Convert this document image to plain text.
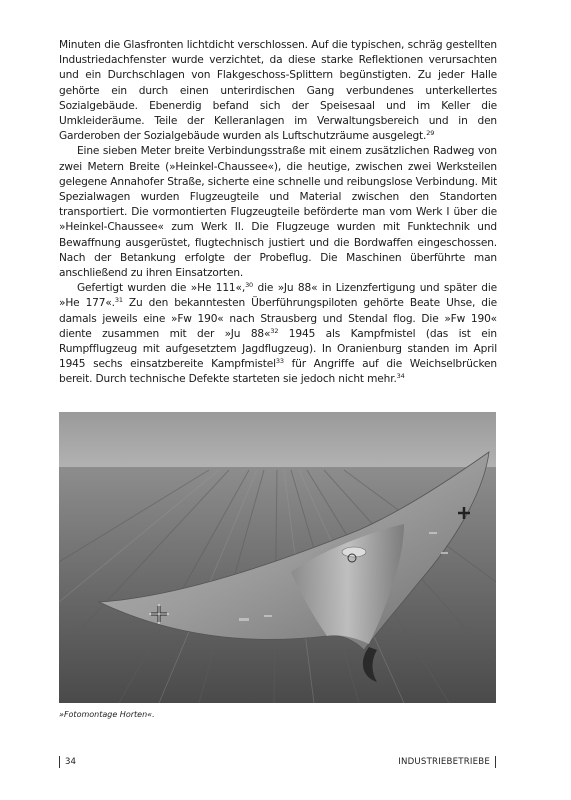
Minuten die Glasfronten lichtdicht verschlossen. Auf die typischen, schräg gestellten Industriedachfenster wurde verzichtet, da diese starke Reflektionen verursachten und ein Durchschlagen von Flakgeschoss-Splittern begünstigten. Zu jeder Halle gehörte ein durch einen unterirdischen Gang verbundenes unterkellertes Sozialgebäude. Ebenerdig befand sich der Speisesaal und im Keller die Umkleideräume. Teile der Kelleranlagen im Verwaltungsbereich und in den Garderoben der Sozialgebäude wurden als Luftschutzräume ausgelegt.$^{29}$

Eine sieben Meter breite Verbindungsstraße mit einem zusätzlichen Radweg von zwei Metern Breite (»Heinkel-Chaussee«), die heutige, zwischen zwei Werksteilen gelegene Annahofer Straße, sicherte eine schnelle und reibungslose Verbindung. Mit Spezialwagen wurden Flugzeugteile und Material zwischen den Standorten transportiert. Die vormontierten Flugzeugteile beförderte man vom Werk I über die »Heinkel-Chaussee« zum Werk II. Die Flugzeuge wurden mit Funktechnik und Bewaffnung ausgerüstet, flugtechnisch justiert und die Bordwaffen eingeschossen. Nach der Betankung erfolgte der Probeflug. Die Maschinen überführte man anschließend zu ihren Einsatzorten.

Gefertigt wurden die »He 111«,$^{30}$ die »Ju 88« in Lizenzfertigung und später die »He 177«.$^{31}$ Zu den bekanntesten Überführungspiloten gehörte Beate Uhse, die damals jeweils eine »Fw 190« nach Strausberg und Stendal flog. Die »Fw 190« diente zusammen mit der »Ju 88«$^{32}$ 1945 als Kampfmistel (das ist ein Rumpfflugzeug mit aufgesetztem Jagdflugzeug). In Oranienburg standen im April 1945 sechs einsatzbereite Kampfmistel$^{33}$ für Angriffe auf die Weichselbrücken bereit. Durch technische Defekte starteten sie jedoch nicht mehr.$^{34}$

»Fotomontage Horten«.
34	INDUSTRIEBETRIEBE
